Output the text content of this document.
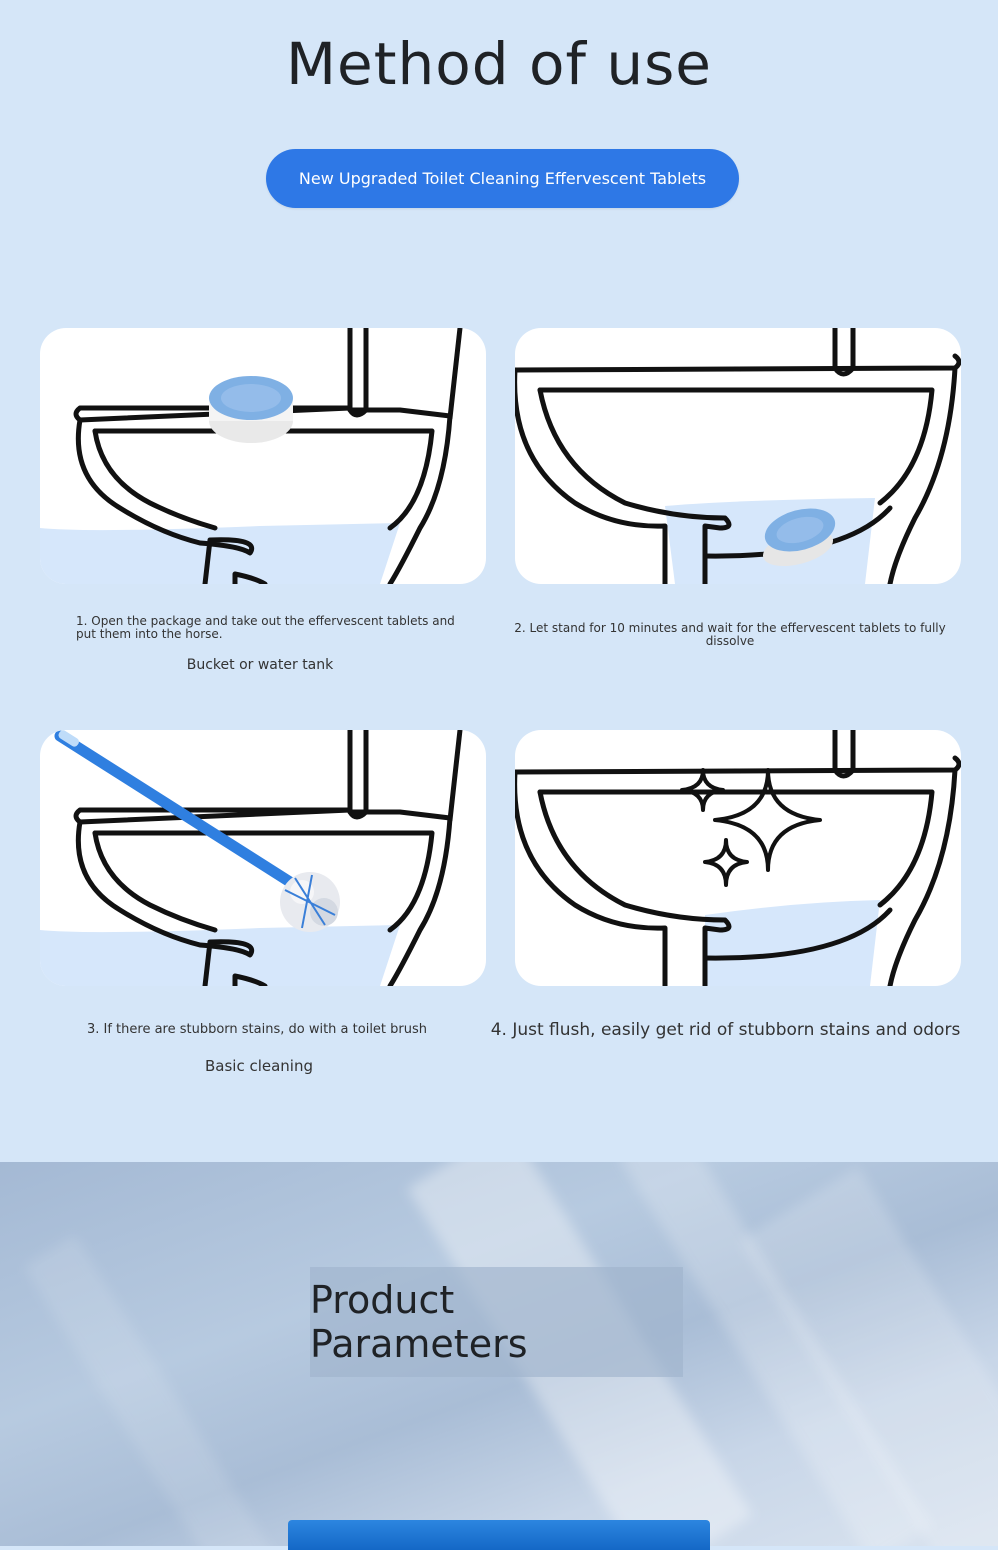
Method of use
New Upgraded Toilet Cleaning Effervescent Tablets
1. Open the package and take out the effervescent tablets and put them into the horse.
Bucket or water tank
2. Let stand for 10 minutes and wait for the effervescent tablets to fully dissolve
3. If there are stubborn stains, do with a toilet brush
Basic cleaning
4. Just flush, easily get rid of stubborn stains and odors
Product Parameters
